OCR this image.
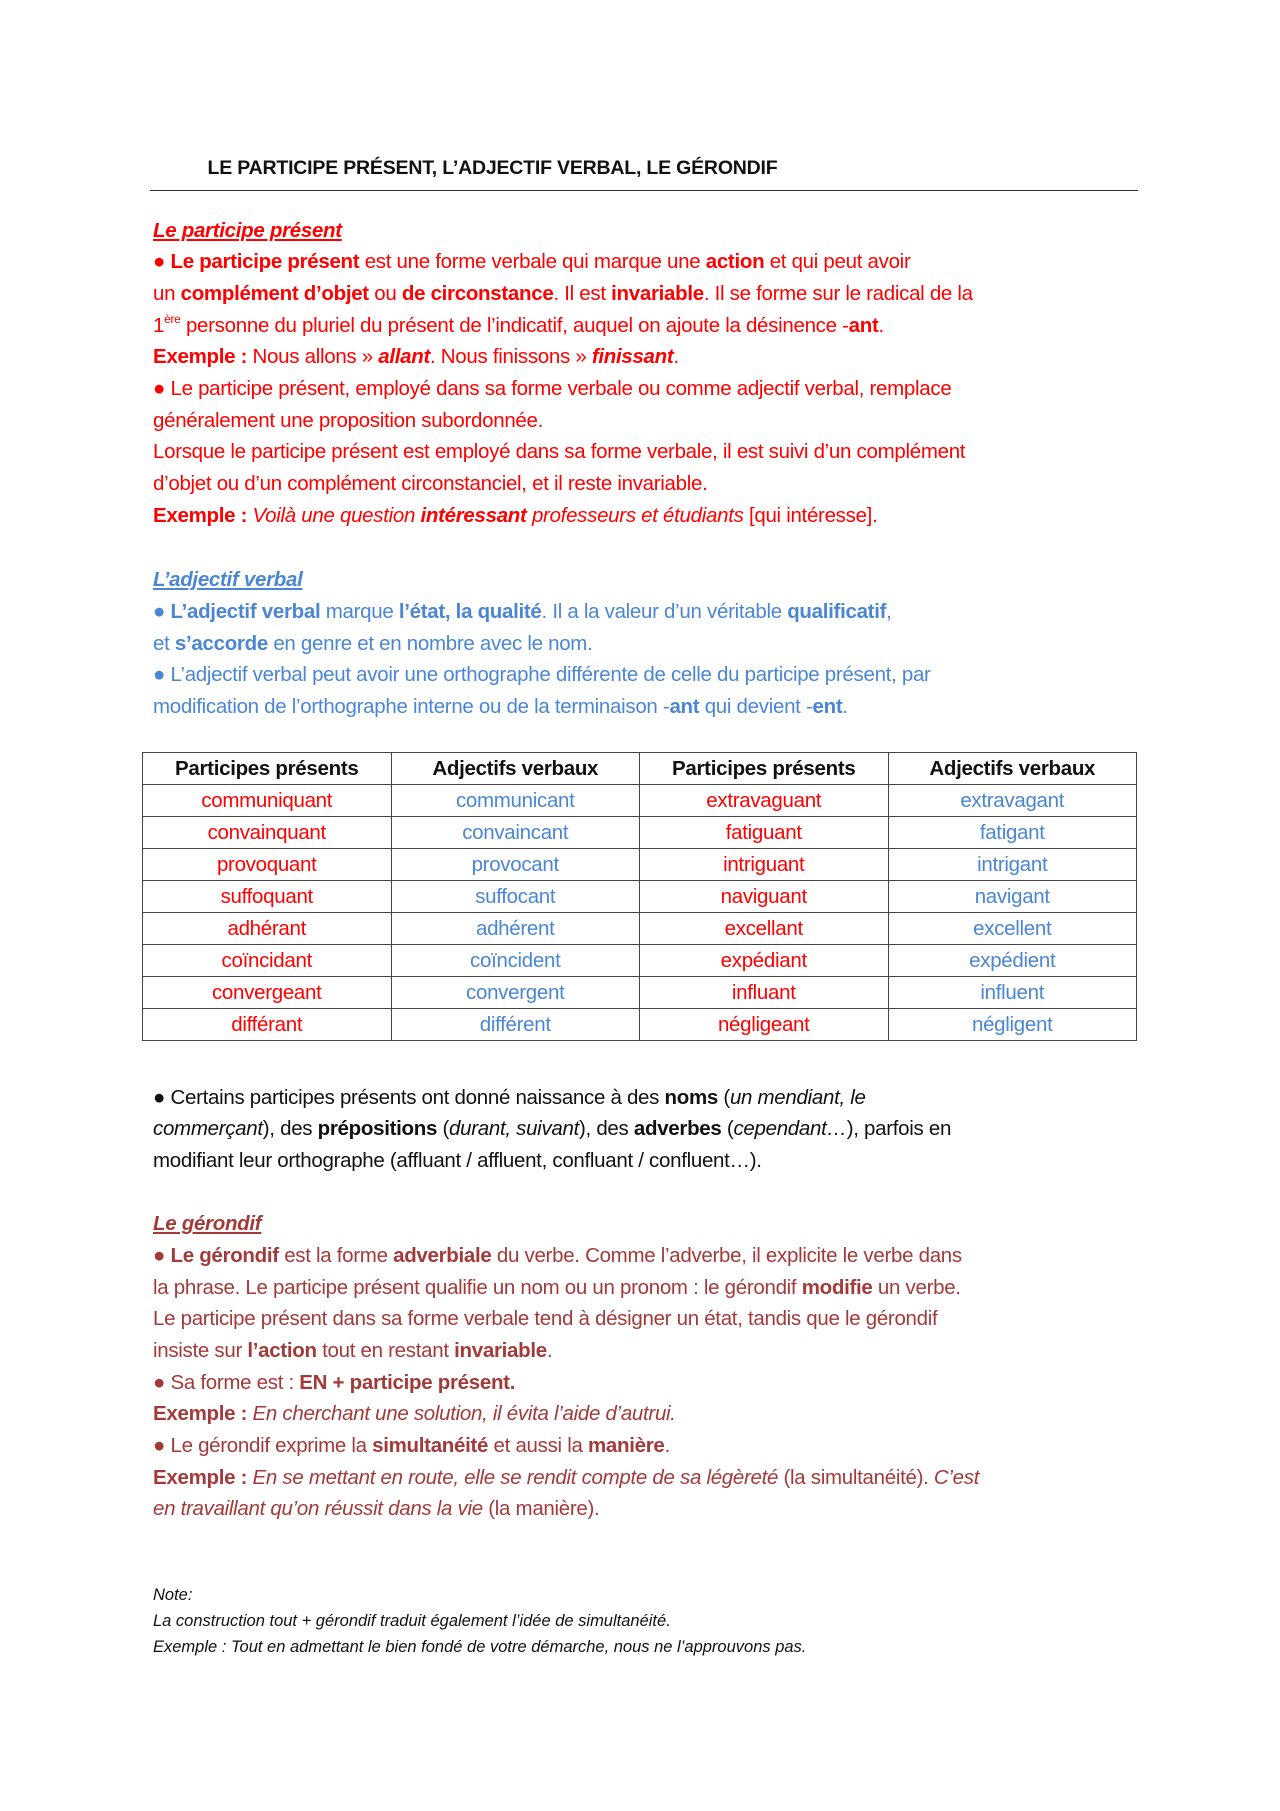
LE PARTICIPE PRÉSENT, L’ADJECTIF VERBAL, LE GÉRONDIF
Le participe présent
● Le participe présent est une forme verbale qui marque une action et qui peut avoir
un complément d’objet ou de circonstance. Il est invariable. Il se forme sur le radical de la
1ère personne du pluriel du présent de l’indicatif, auquel on ajoute la désinence -ant.
Exemple : Nous allons » allant. Nous finissons » finissant.
● Le participe présent, employé dans sa forme verbale ou comme adjectif verbal, remplace
généralement une proposition subordonnée.
Lorsque le participe présent est employé dans sa forme verbale, il est suivi d’un complément
d’objet ou d’un complément circonstanciel, et il reste invariable.
Exemple : Voilà une question intéressant professeurs et étudiants [qui intéresse].
L’adjectif verbal
● L’adjectif verbal marque l’état, la qualité. Il a la valeur d’un véritable qualificatif,
et s’accorde en genre et en nombre avec le nom.
● L’adjectif verbal peut avoir une orthographe différente de celle du participe présent, par
modification de l’orthographe interne ou de la terminaison -ant qui devient -ent.
Participes présents	Adjectifs verbaux	Participes présents	Adjectifs verbaux
communiquant	communicant	extravaguant	extravagant
convainquant	convaincant	fatiguant	fatigant
provoquant	provocant	intriguant	intrigant
suffoquant	suffocant	naviguant	navigant
adhérant	adhérent	excellant	excellent
coïncidant	coïncident	expédiant	expédient
convergeant	convergent	influant	influent
différant	différent	négligeant	négligent
● Certains participes présents ont donné naissance à des noms (un mendiant, le
commerçant), des prépositions (durant, suivant), des adverbes (cependant…), parfois en
modifiant leur orthographe (affluant / affluent, confluant / confluent…).
Le gérondif
● Le gérondif est la forme adverbiale du verbe. Comme l’adverbe, il explicite le verbe dans
la phrase. Le participe présent qualifie un nom ou un pronom : le gérondif modifie un verbe.
Le participe présent dans sa forme verbale tend à désigner un état, tandis que le gérondif
insiste sur l’action tout en restant invariable.
● Sa forme est : EN + participe présent.
Exemple : En cherchant une solution, il évita l’aide d’autrui.
● Le gérondif exprime la simultanéité et aussi la manière.
Exemple : En se mettant en route, elle se rendit compte de sa légèreté (la simultanéité). C’est
en travaillant qu’on réussit dans la vie (la manière).
Note:
La construction tout + gérondif traduit également l’idée de simultanéité.
Exemple : Tout en admettant le bien fondé de votre démarche, nous ne l’approuvons pas.
